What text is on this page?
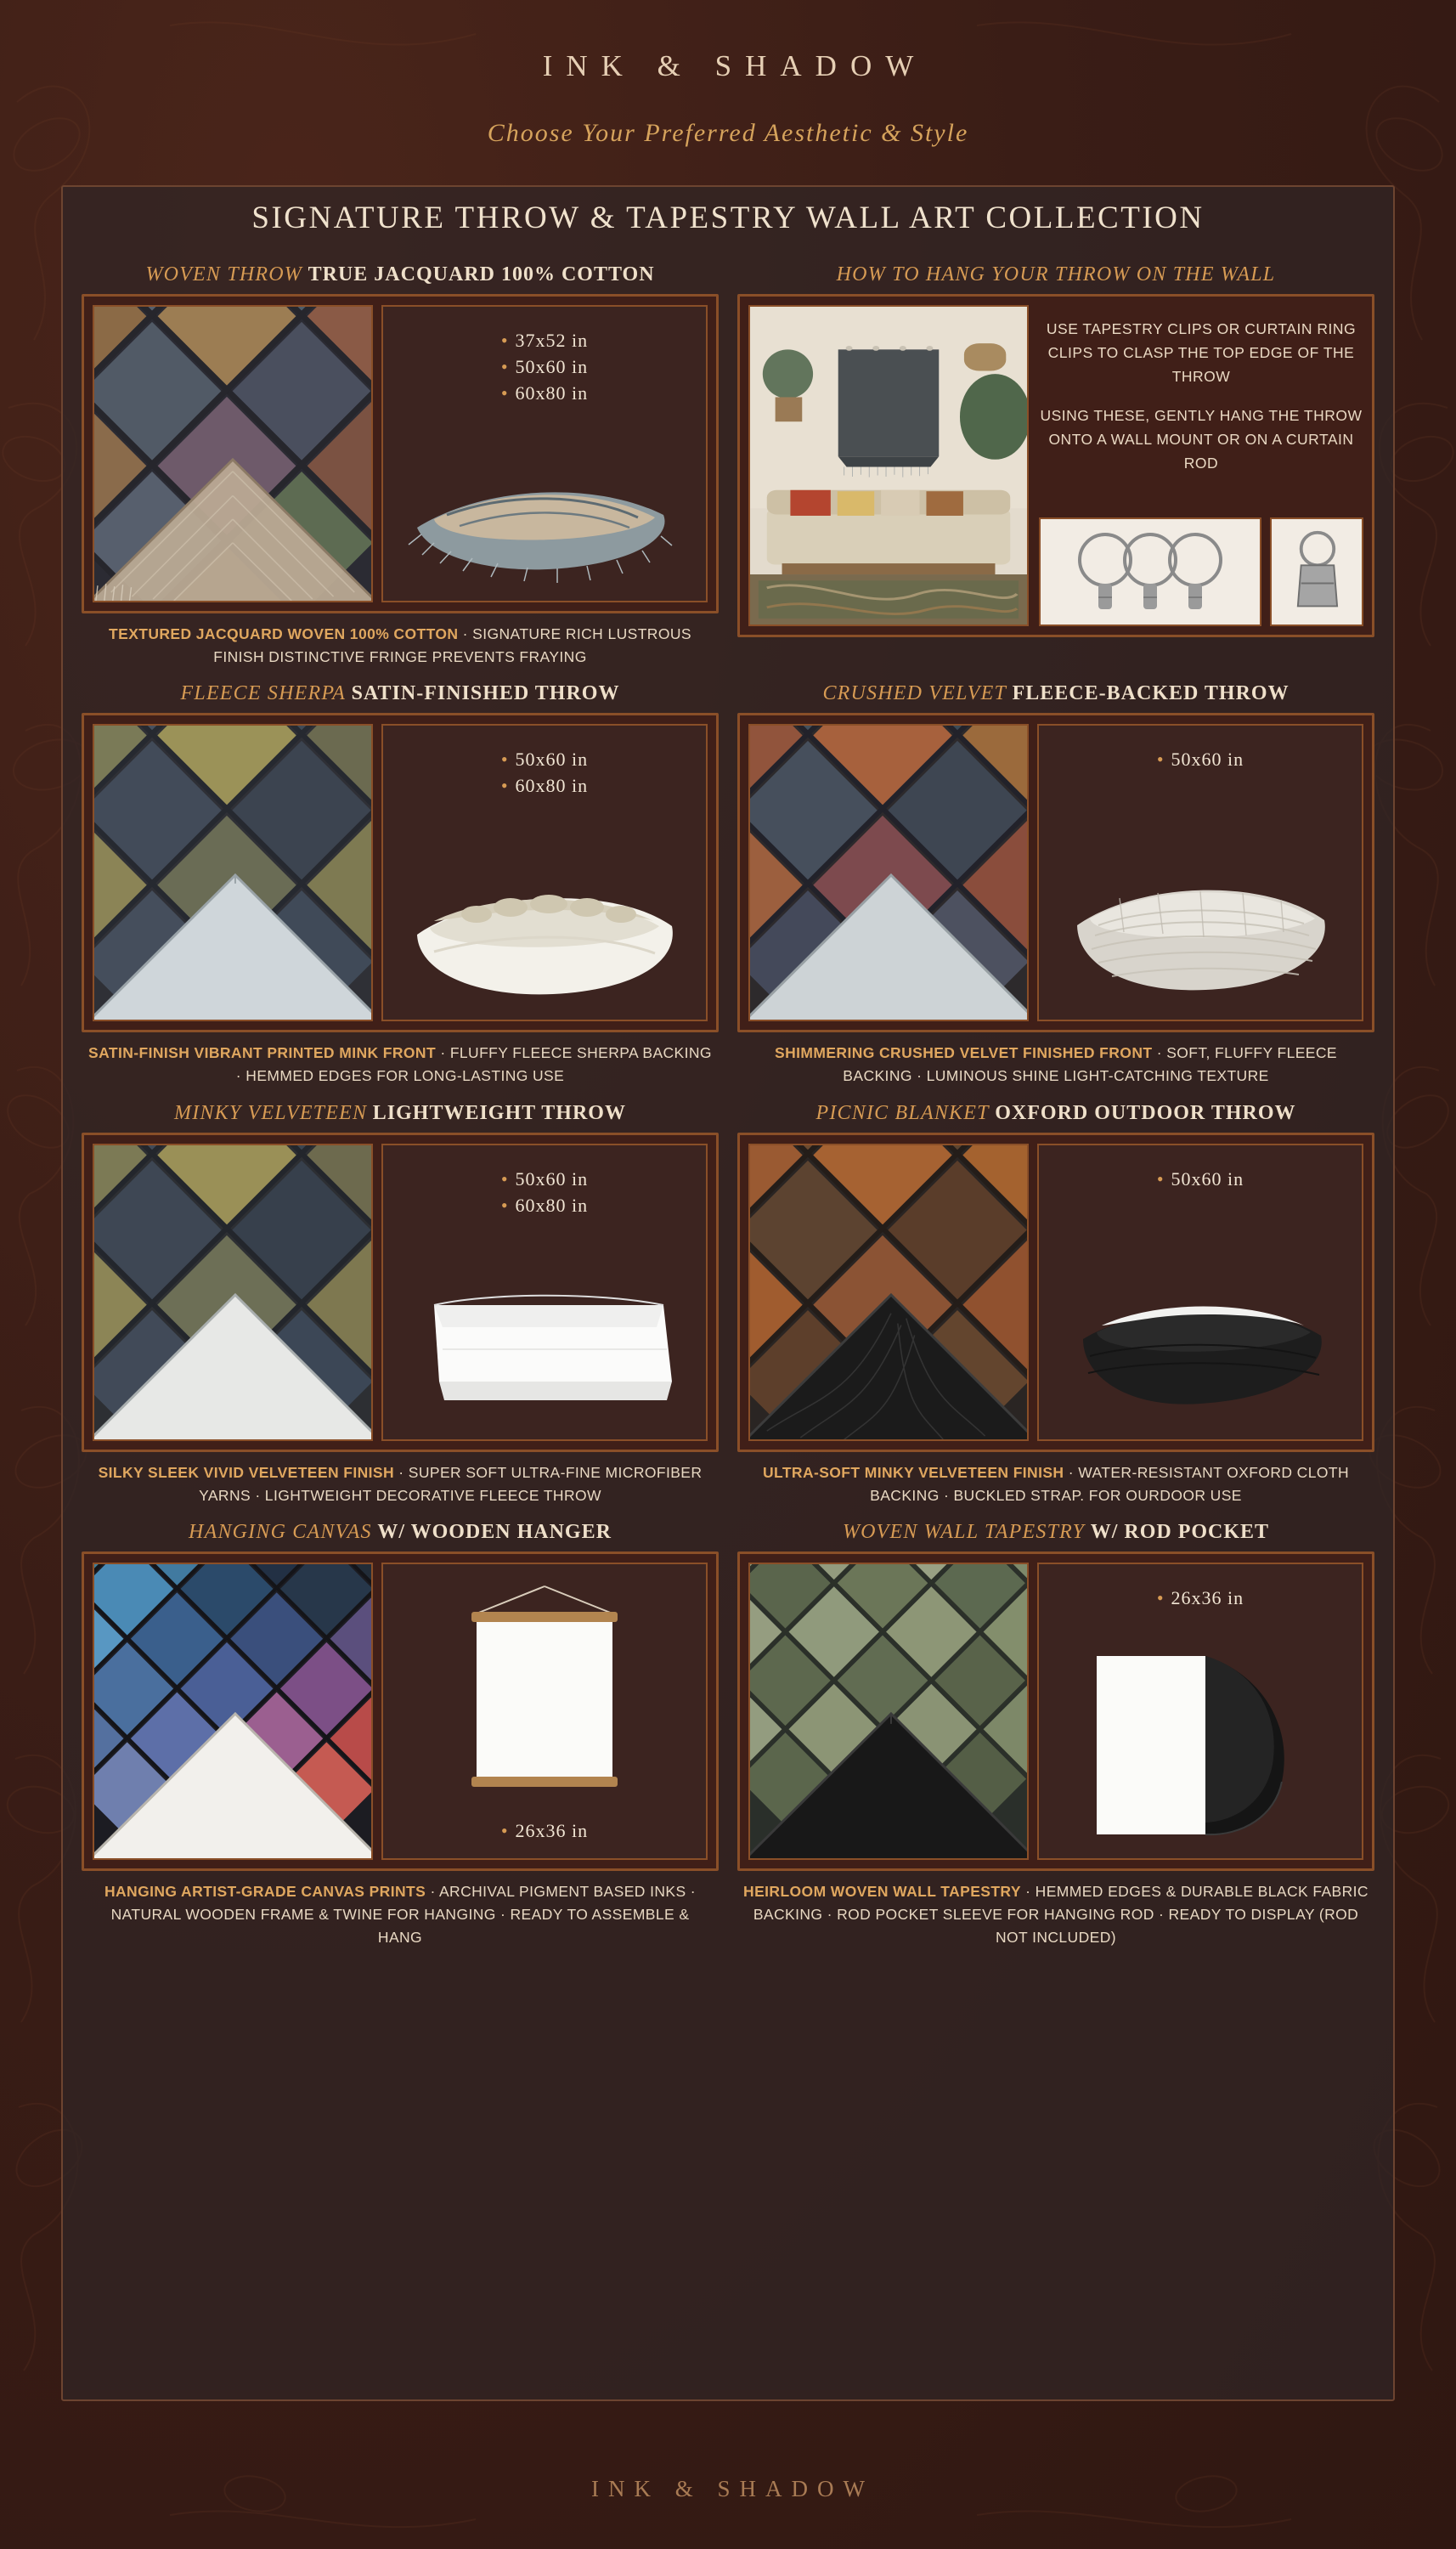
INK & SHADOW
Choose Your Preferred Aesthetic & Style
SIGNATURE THROW & TAPESTRY WALL ART COLLECTION
WOVEN THROW TRUE JACQUARD 100% COTTON
• 37x52 in
• 50x60 in
• 60x80 in
TEXTURED JACQUARD WOVEN 100% COTTON · SIGNATURE RICH LUSTROUS FINISH DISTINCTIVE FRINGE PREVENTS FRAYING
HOW TO HANG YOUR THROW ON THE WALL

USE TAPESTRY CLIPS OR CURTAIN RING CLIPS TO CLASP THE TOP EDGE OF THE THROW

USING THESE, GENTLY HANG THE THROW ONTO A WALL MOUNT OR ON A CURTAIN ROD

FLEECE SHERPA SATIN-FINISHED THROW
• 50x60 in
• 60x80 in
SATIN-FINISH VIBRANT PRINTED MINK FRONT · FLUFFY FLEECE SHERPA BACKING · HEMMED EDGES FOR LONG-LASTING USE
CRUSHED VELVET FLEECE-BACKED THROW
• 50x60 in
SHIMMERING CRUSHED VELVET FINISHED FRONT · SOFT, FLUFFY FLEECE BACKING · LUMINOUS SHINE LIGHT-CATCHING TEXTURE
MINKY VELVETEEN LIGHTWEIGHT THROW
• 50x60 in
• 60x80 in
SILKY SLEEK VIVID VELVETEEN FINISH · SUPER SOFT ULTRA-FINE MICROFIBER YARNS · LIGHTWEIGHT DECORATIVE FLEECE THROW
PICNIC BLANKET OXFORD OUTDOOR THROW
• 50x60 in
ULTRA-SOFT MINKY VELVETEEN FINISH · WATER-RESISTANT OXFORD CLOTH BACKING · BUCKLED STRAP. FOR OURDOOR USE
HANGING CANVAS W/ WOODEN HANGER
• 26x36 in
HANGING ARTIST-GRADE CANVAS PRINTS · ARCHIVAL PIGMENT BASED INKS · NATURAL WOODEN FRAME & TWINE FOR HANGING · READY TO ASSEMBLE & HANG
WOVEN WALL TAPESTRY W/ ROD POCKET
• 26x36 in
HEIRLOOM WOVEN WALL TAPESTRY · HEMMED EDGES & DURABLE BLACK FABRIC BACKING · ROD POCKET SLEEVE FOR HANGING ROD · READY TO DISPLAY (ROD NOT INCLUDED)
INK & SHADOW
